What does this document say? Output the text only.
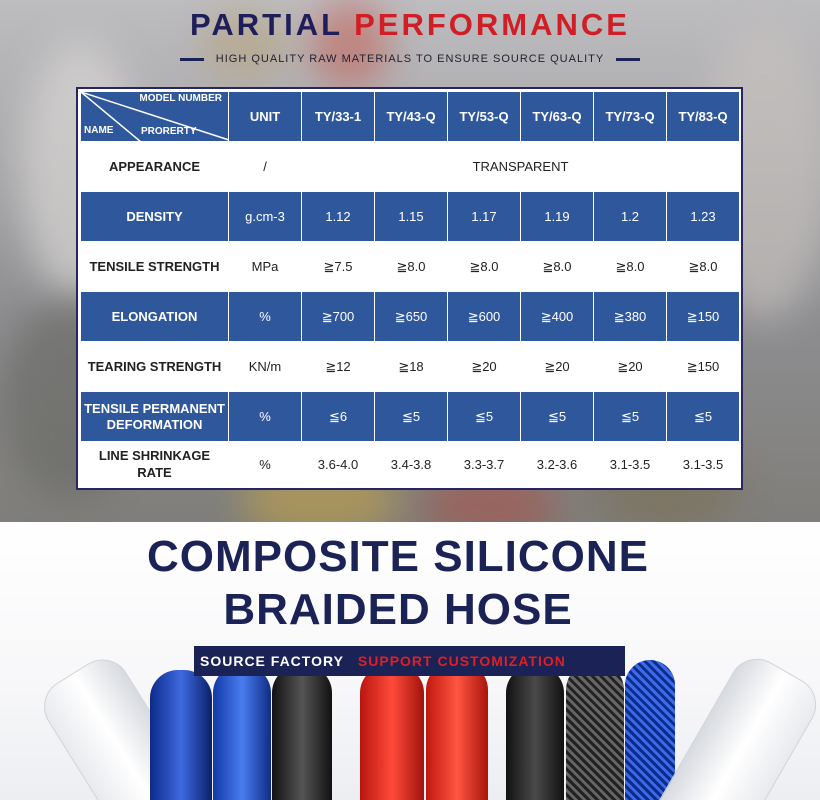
PARTIAL PERFORMANCE
HIGH QUALITY RAW MATERIALS TO ENSURE SOURCE QUALITY
MODEL NUMBER
NAME PRORERTY	UNIT	TY/33-1	TY/43-Q	TY/53-Q	TY/63-Q	TY/73-Q	TY/83-Q
APPEARANCE	/	TRANSPARENT					
DENSITY	g.cm-3	1.12	1.15	1.17	1.19	1.2	1.23
TENSILE STRENGTH	MPa	≧7.5	≧8.0	≧8.0	≧8.0	≧8.0	≧8.0
ELONGATION	%	≧700	≧650	≧600	≧400	≧380	≧150
TEARING STRENGTH	KN/m	≧12	≧18	≧20	≧20	≧20	≧150

TENSILE PERMANENT
DEFORMATION	%	≦6	≦5	≦5	≦5	≦5	≦5

LINE SHRINKAGE
RATE	%	3.6-4.0	3.4-3.8	3.3-3.7	3.2-3.6	3.1-3.5	3.1-3.5
COMPOSITE SILICONE
BRAIDED HOSE
SOURCE FACTORY SUPPORT CUSTOMIZATION
